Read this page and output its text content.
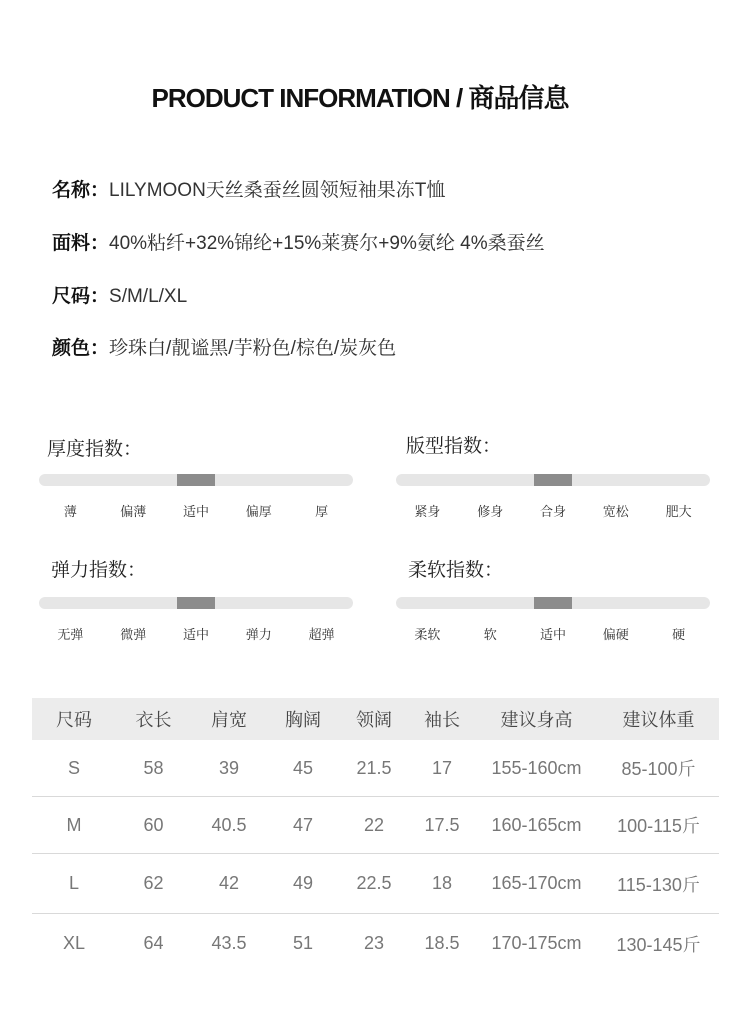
PRODUCT INFORMATION / 商品信息
名称：LILYMOON天丝桑蚕丝圆领短袖果冻T恤
面料：40%粘纤+32%锦纶+15%莱赛尔+9%氨纶 4%桑蚕丝
尺码：S/M/L/XL
颜色：珍珠白/靓谧黑/芋粉色/棕色/炭灰色
厚度指数：
薄	偏薄	适中	偏厚	厚
版型指数：
紧身	修身	合身	宽松	肥大
弹力指数：
无弹	微弹	适中	弹力	超弹
柔软指数：
柔软	软	适中	偏硬	硬
尺码	衣长	肩宽	胸阔	领阔	袖长	建议身高	建议体重
S	58	39	45	21.5	17	155-160cm	85-100斤
M	60	40.5	47	22	17.5	160-165cm	100-115斤
L	62	42	49	22.5	18	165-170cm	115-130斤
XL	64	43.5	51	23	18.5	170-175cm	130-145斤
